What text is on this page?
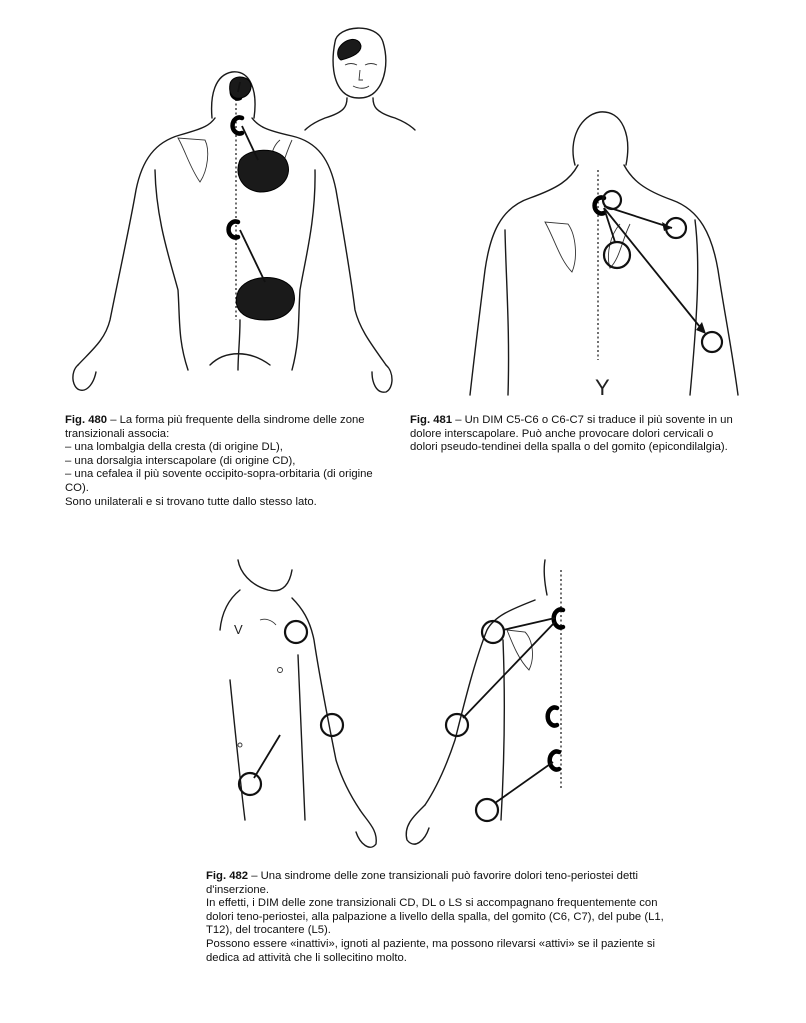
Y

Fig. 480 – La forma più frequente della sindrome delle zone transizionali associa:

– una lombalgia della cresta (di origine DL),

– una dorsalgia interscapolare (di origine CD),

– una cefalea il più sovente occipito-sopra-orbitaria (di origine CO).

Sono unilaterali e si trovano tutte dallo stesso lato.

Fig. 481 – Un DIM C5-C6 o C6-C7 si traduce il più sovente in un dolore interscapolare. Può anche provocare dolori cervicali o dolori pseudo-tendinei della spalla o del gomito (epicondilalgia).

V

Fig. 482 – Una sindrome delle zone transizionali può favorire dolori teno-periostei detti d'inserzione.

In effetti, i DIM delle zone transizionali CD, DL o LS si accompagnano frequentemente con dolori teno-periostei, alla palpazione a livello della spalla, del gomito (C6, C7), del pube (L1, T12), del trocantere (L5).

Possono essere «inattivi», ignoti al paziente, ma possono rilevarsi «attivi» se il paziente si dedica ad attività che li sollecitino molto.
